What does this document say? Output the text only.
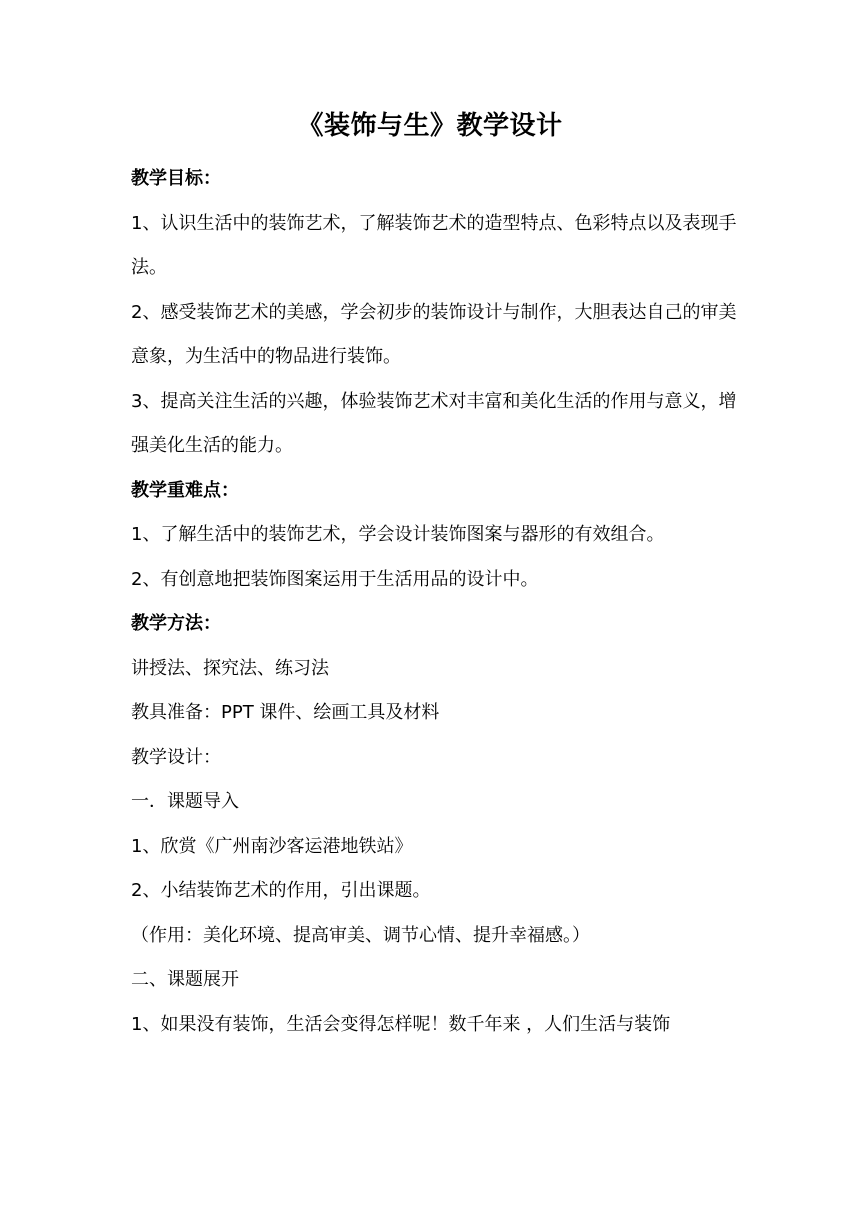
《装饰与生》教学设计

教学目标：

1、认识生活中的装饰艺术，了解装饰艺术的造型特点、色彩特点以及表现手法。

2、感受装饰艺术的美感，学会初步的装饰设计与制作，大胆表达自己的审美意象，为生活中的物品进行装饰。

3、提高关注生活的兴趣，体验装饰艺术对丰富和美化生活的作用与意义，增强美化生活的能力。

教学重难点：

1、了解生活中的装饰艺术，学会设计装饰图案与器形的有效组合。

2、有创意地把装饰图案运用于生活用品的设计中。

教学方法：

讲授法、探究法、练习法

教具准备：PPT 课件、绘画工具及材料

教学设计：

一．课题导入

1、欣赏《广州南沙客运港地铁站》

2、小结装饰艺术的作用，引出课题。

（作用：美化环境、提高审美、调节心情、提升幸福感。）

二、课题展开

1、如果没有装饰，生活会变得怎样呢！数千年来 ，人们生活与装饰
